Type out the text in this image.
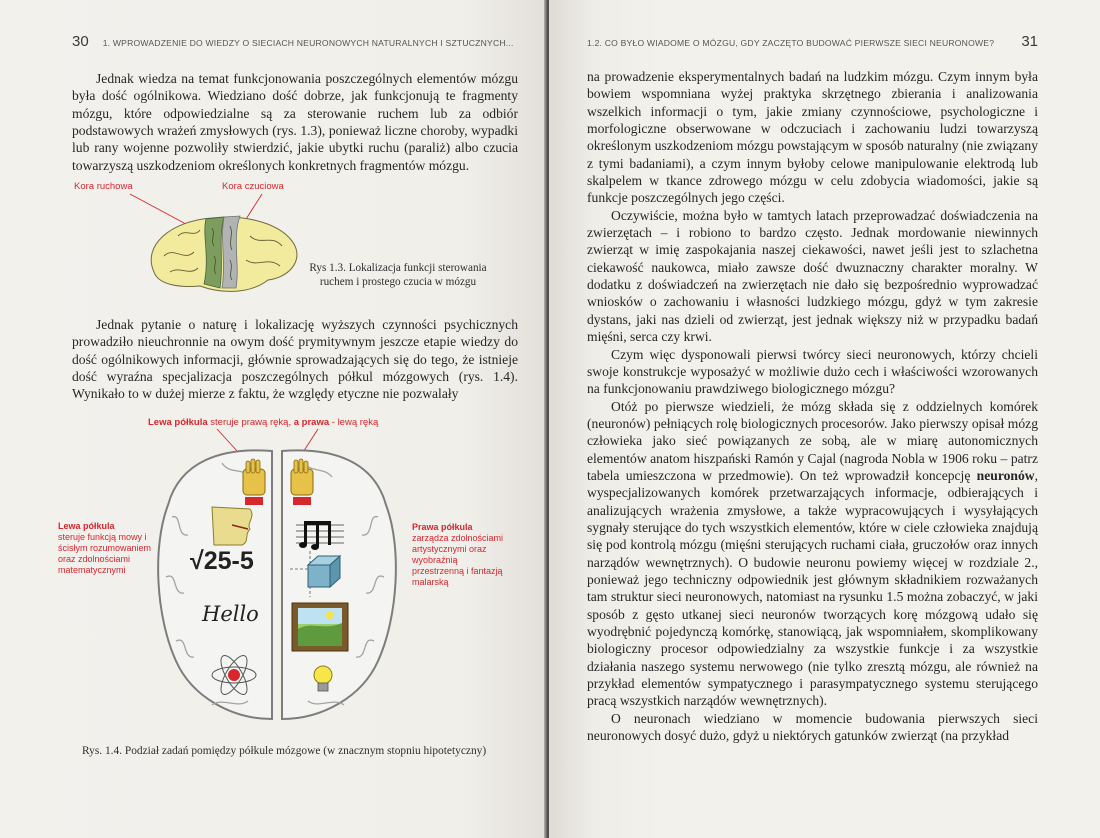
30 1. WPROWADZENIE DO WIEDZY O SIECIACH NEURONOWYCH NATURALNYCH I SZTUCZNYCH...

Jednak wiedza na temat funkcjonowania poszczególnych elementów mózgu była dość ogólnikowa. Wiedziano dość dobrze, jak funkcjonują te fragmenty mózgu, które odpowiedzialne są za sterowanie ruchem lub za odbiór podstawowych wrażeń zmysłowych (rys. 1.3), ponieważ liczne choroby, wypadki lub rany wojenne pozwoliły stwierdzić, jakie ubytki ruchu (paraliż) albo czucia towarzyszą uszkodzeniom określonych konkretnych fragmentów mózgu.

Kora ruchowa	Kora czuciowa
Rys 1.3. Lokalizacja funkcji sterowania ruchem i prostego czucia w mózgu

Jednak pytanie o naturę i lokalizację wyższych czynności psychicznych prowadziło nieuchronnie na owym dość prymitywnym jeszcze etapie wiedzy do dość ogólnikowych informacji, głównie sprowadzających się do tego, że istnieje dość wyraźna specjalizacja poszczególnych półkul mózgowych (rys. 1.4). Wynikało to w dużej mierze z faktu, że względy etyczne nie pozwalały

Lewa półkula steruje prawą ręką, a prawa - lewą ręką
Lewa półkula
steruje funkcją mowy i ścisłym rozumowaniem oraz zdolnościami matematycznymi
Prawa półkula
zarządza zdolnościami artystycznymi oraz wyobraźnią przestrzenną i fantazją malarską
√25-5
Hello
Rys. 1.4. Podział zadań pomiędzy półkule mózgowe (w znacznym stopniu hipotetyczny)
1.2. CO BYŁO WIADOME O MÓZGU, GDY ZACZĘTO BUDOWAĆ PIERWSZE SIECI NEURONOWE? 31

na prowadzenie eksperymentalnych badań na ludzkim mózgu. Czym innym była bowiem wspomniana wyżej praktyka skrzętnego zbierania i analizowania wszelkich informacji o tym, jakie zmiany czynnościowe, psychologiczne i morfologiczne obserwowane w odczuciach i zachowaniu ludzi towarzyszą określonym uszkodzeniom mózgu powstającym w sposób naturalny (nie związany z tymi badaniami), a czym innym byłoby celowe manipulowanie elektrodą lub skalpelem w tkance zdrowego mózgu w celu zdobycia wiadomości, jakie są funkcje poszczególnych jego części.

Oczywiście, można było w tamtych latach przeprowadzać doświadczenia na zwierzętach – i robiono to bardzo często. Jednak mordowanie niewinnych zwierząt w imię zaspokajania naszej ciekawości, nawet jeśli jest to szlachetna ciekawość naukowca, miało zawsze dość dwuznaczny charakter moralny. W dodatku z doświadczeń na zwierzętach nie dało się bezpośrednio wyprowadzać wniosków o zachowaniu i własności ludzkiego mózgu, gdyż w tym zakresie dystans, jaki nas dzieli od zwierząt, jest jednak większy niż w przypadku badań mięśni, serca czy krwi.

Czym więc dysponowali pierwsi twórcy sieci neuronowych, którzy chcieli swoje konstrukcje wyposażyć w możliwie dużo cech i właściwości wzorowanych na funkcjonowaniu prawdziwego biologicznego mózgu?

Otóż po pierwsze wiedzieli, że mózg składa się z oddzielnych komórek (neuronów) pełniących rolę biologicznych procesorów. Jako pierwszy opisał mózg człowieka jako sieć powiązanych ze sobą, ale w miarę autonomicznych elementów anatom hiszpański Ramón y Cajal (nagroda Nobla w 1906 roku – patrz tabela umieszczona w przedmowie). On też wprowadził koncepcję neuronów, wyspecjalizowanych komórek przetwarzających informacje, odbierających i analizujących wrażenia zmysłowe, a także wypracowujących i wysyłających sygnały sterujące do tych wszystkich elementów, które w ciele człowieka znajdują się pod kontrolą mózgu (mięśni sterujących ruchami ciała, gruczołów oraz innych narządów wewnętrznych). O budowie neuronu powiemy więcej w rozdziale 2., ponieważ jego techniczny odpowiednik jest głównym składnikiem rozważanych tam struktur sieci neuronowych, natomiast na rysunku 1.5 można zobaczyć, w jaki sposób z gęsto utkanej sieci neuronów tworzących korę mózgową udało się wyodrębnić pojedynczą komórkę, stanowiącą, jak wspomniałem, skomplikowany biologiczny procesor odpowiedzialny za wszystkie funkcje i za wszystkie działania naszego systemu nerwowego (nie tylko zresztą mózgu, ale również na przykład elementów sympatycznego i parasympatycznego systemu sterującego pracą wszystkich narządów wewnętrznych).

O neuronach wiedziano w momencie budowania pierwszych sieci neuronowych dosyć dużo, gdyż u niektórych gatunków zwierząt (na przykład
